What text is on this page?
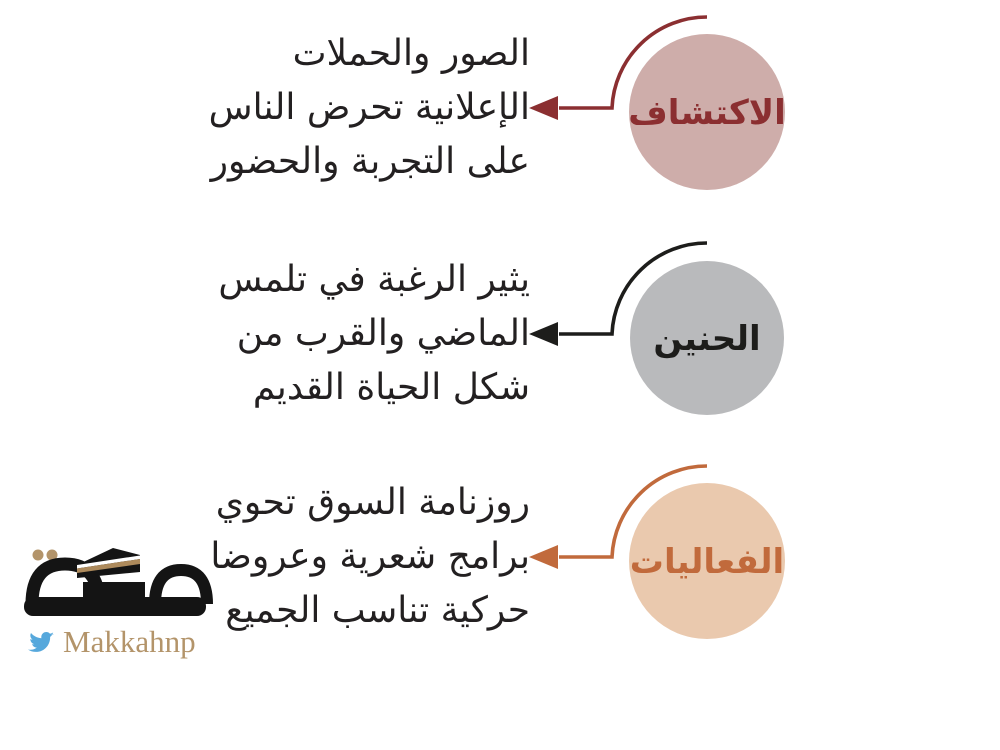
الاكتشاف

الصور والحملات
الإعلانية تحرض الناس
على التجربة والحضور

الحنين

يثير الرغبة في تلمس
الماضي والقرب من
شكل الحياة القديم

الفعاليات

روزنامة السوق تحوي
برامج شعرية وعروضا
حركية تناسب الجميع

Makkahnp
